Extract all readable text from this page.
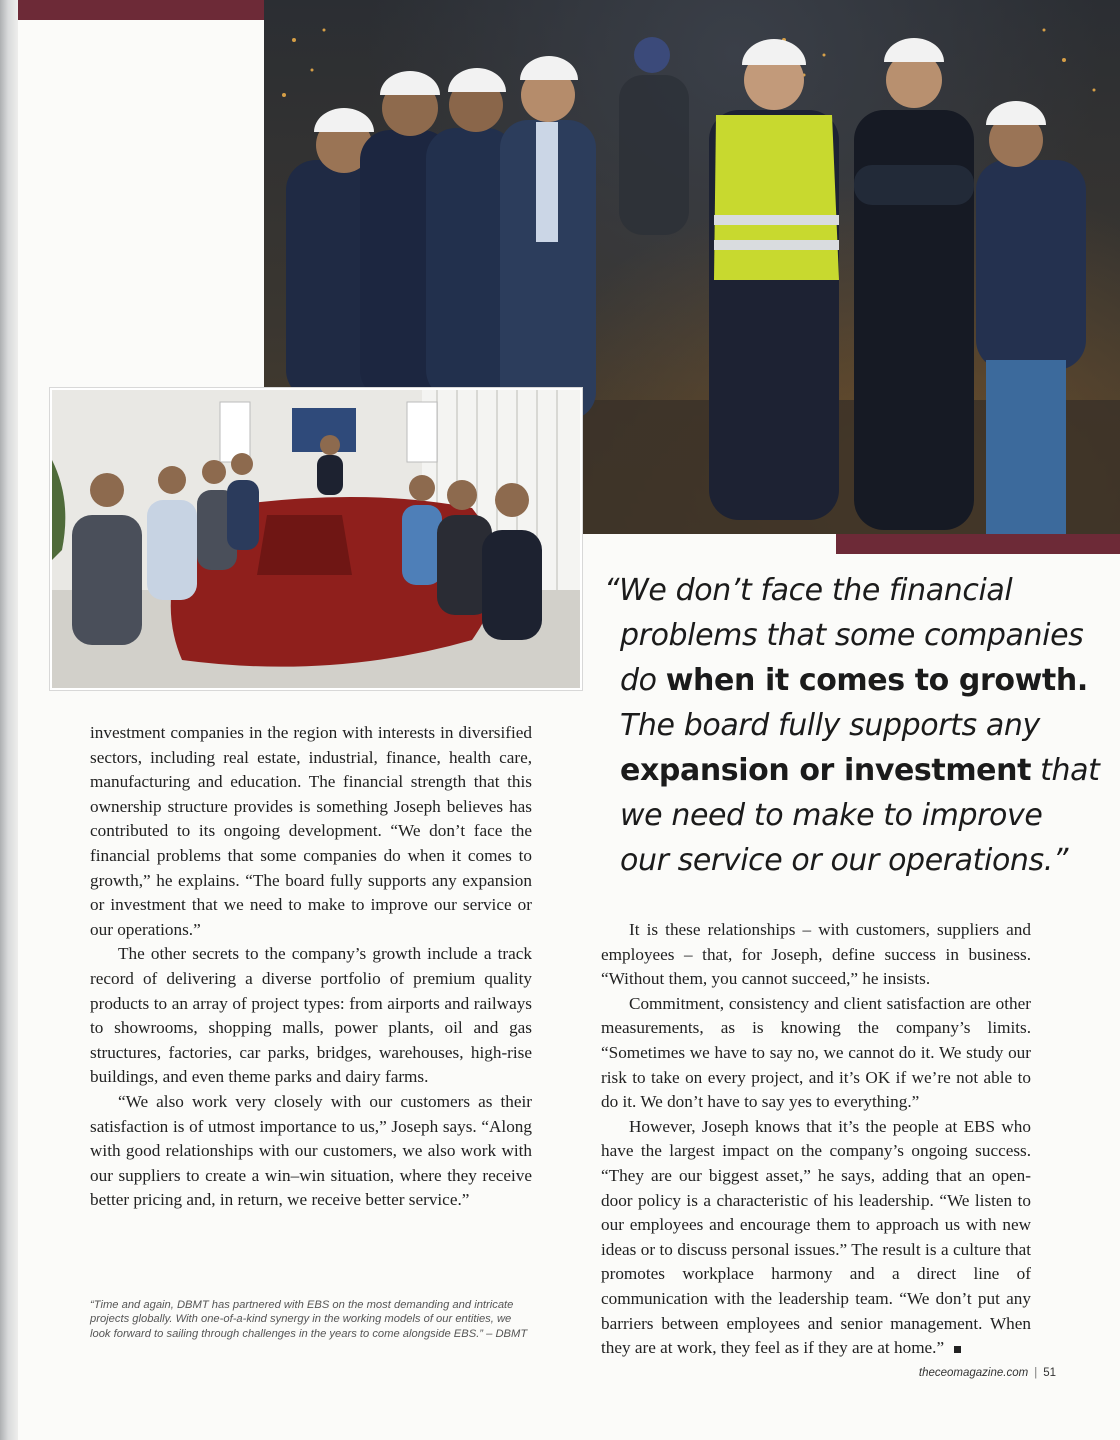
investment companies in the region with interests in diversified sectors, including real estate, industrial, finance, health care, manufacturing and education. The financial strength that this ownership structure provides is something Joseph believes has contributed to its ongoing development. “We don’t face the financial problems that some companies do when it comes to growth,” he explains. “The board fully supports any expansion or investment that we need to make to improve our service or our operations.”

The other secrets to the company’s growth include a track record of delivering a diverse portfolio of premium quality products to an array of project types: from airports and railways to showrooms, shopping malls, power plants, oil and gas structures, factories, car parks, bridges, warehouses, high-rise buildings, and even theme parks and dairy farms.

“We also work very closely with our customers as their satisfaction is of utmost importance to us,” Joseph says. “Along with good relationships with our customers, we also work with our suppliers to create a win–win situation, where they receive better pricing and, in return, we receive better service.”

“We don’t face the financial
problems that some companies
do when it comes to growth.
The board fully supports any
expansion or investment that
we need to make to improve
our service or our operations.”

It is these relationships – with customers, suppliers and employees – that, for Joseph, define success in business. “Without them, you cannot succeed,” he insists.

Commitment, consistency and client satisfaction are other measurements, as is knowing the company’s limits. “Sometimes we have to say no, we cannot do it. We study our risk to take on every project, and it’s OK if we’re not able to do it. We don’t have to say yes to everything.”

However, Joseph knows that it’s the people at EBS who have the largest impact on the company’s ongoing success. “They are our biggest asset,” he says, adding that an open-door policy is a characteristic of his leadership. “We listen to our employees and encourage them to approach us with new ideas or to discuss personal issues.” The result is a culture that promotes workplace harmony and a direct line of communication with the leadership team. “We don’t put any barriers between employees and senior management. When they are at work, they feel as if they are at home.”

“Time and again, DBMT has partnered with EBS on the most demanding and intricate projects globally. With one-of-a-kind synergy in the working models of our entities, we look forward to sailing through challenges in the years to come alongside EBS.” – DBMT
theceomagazine.com | 51
